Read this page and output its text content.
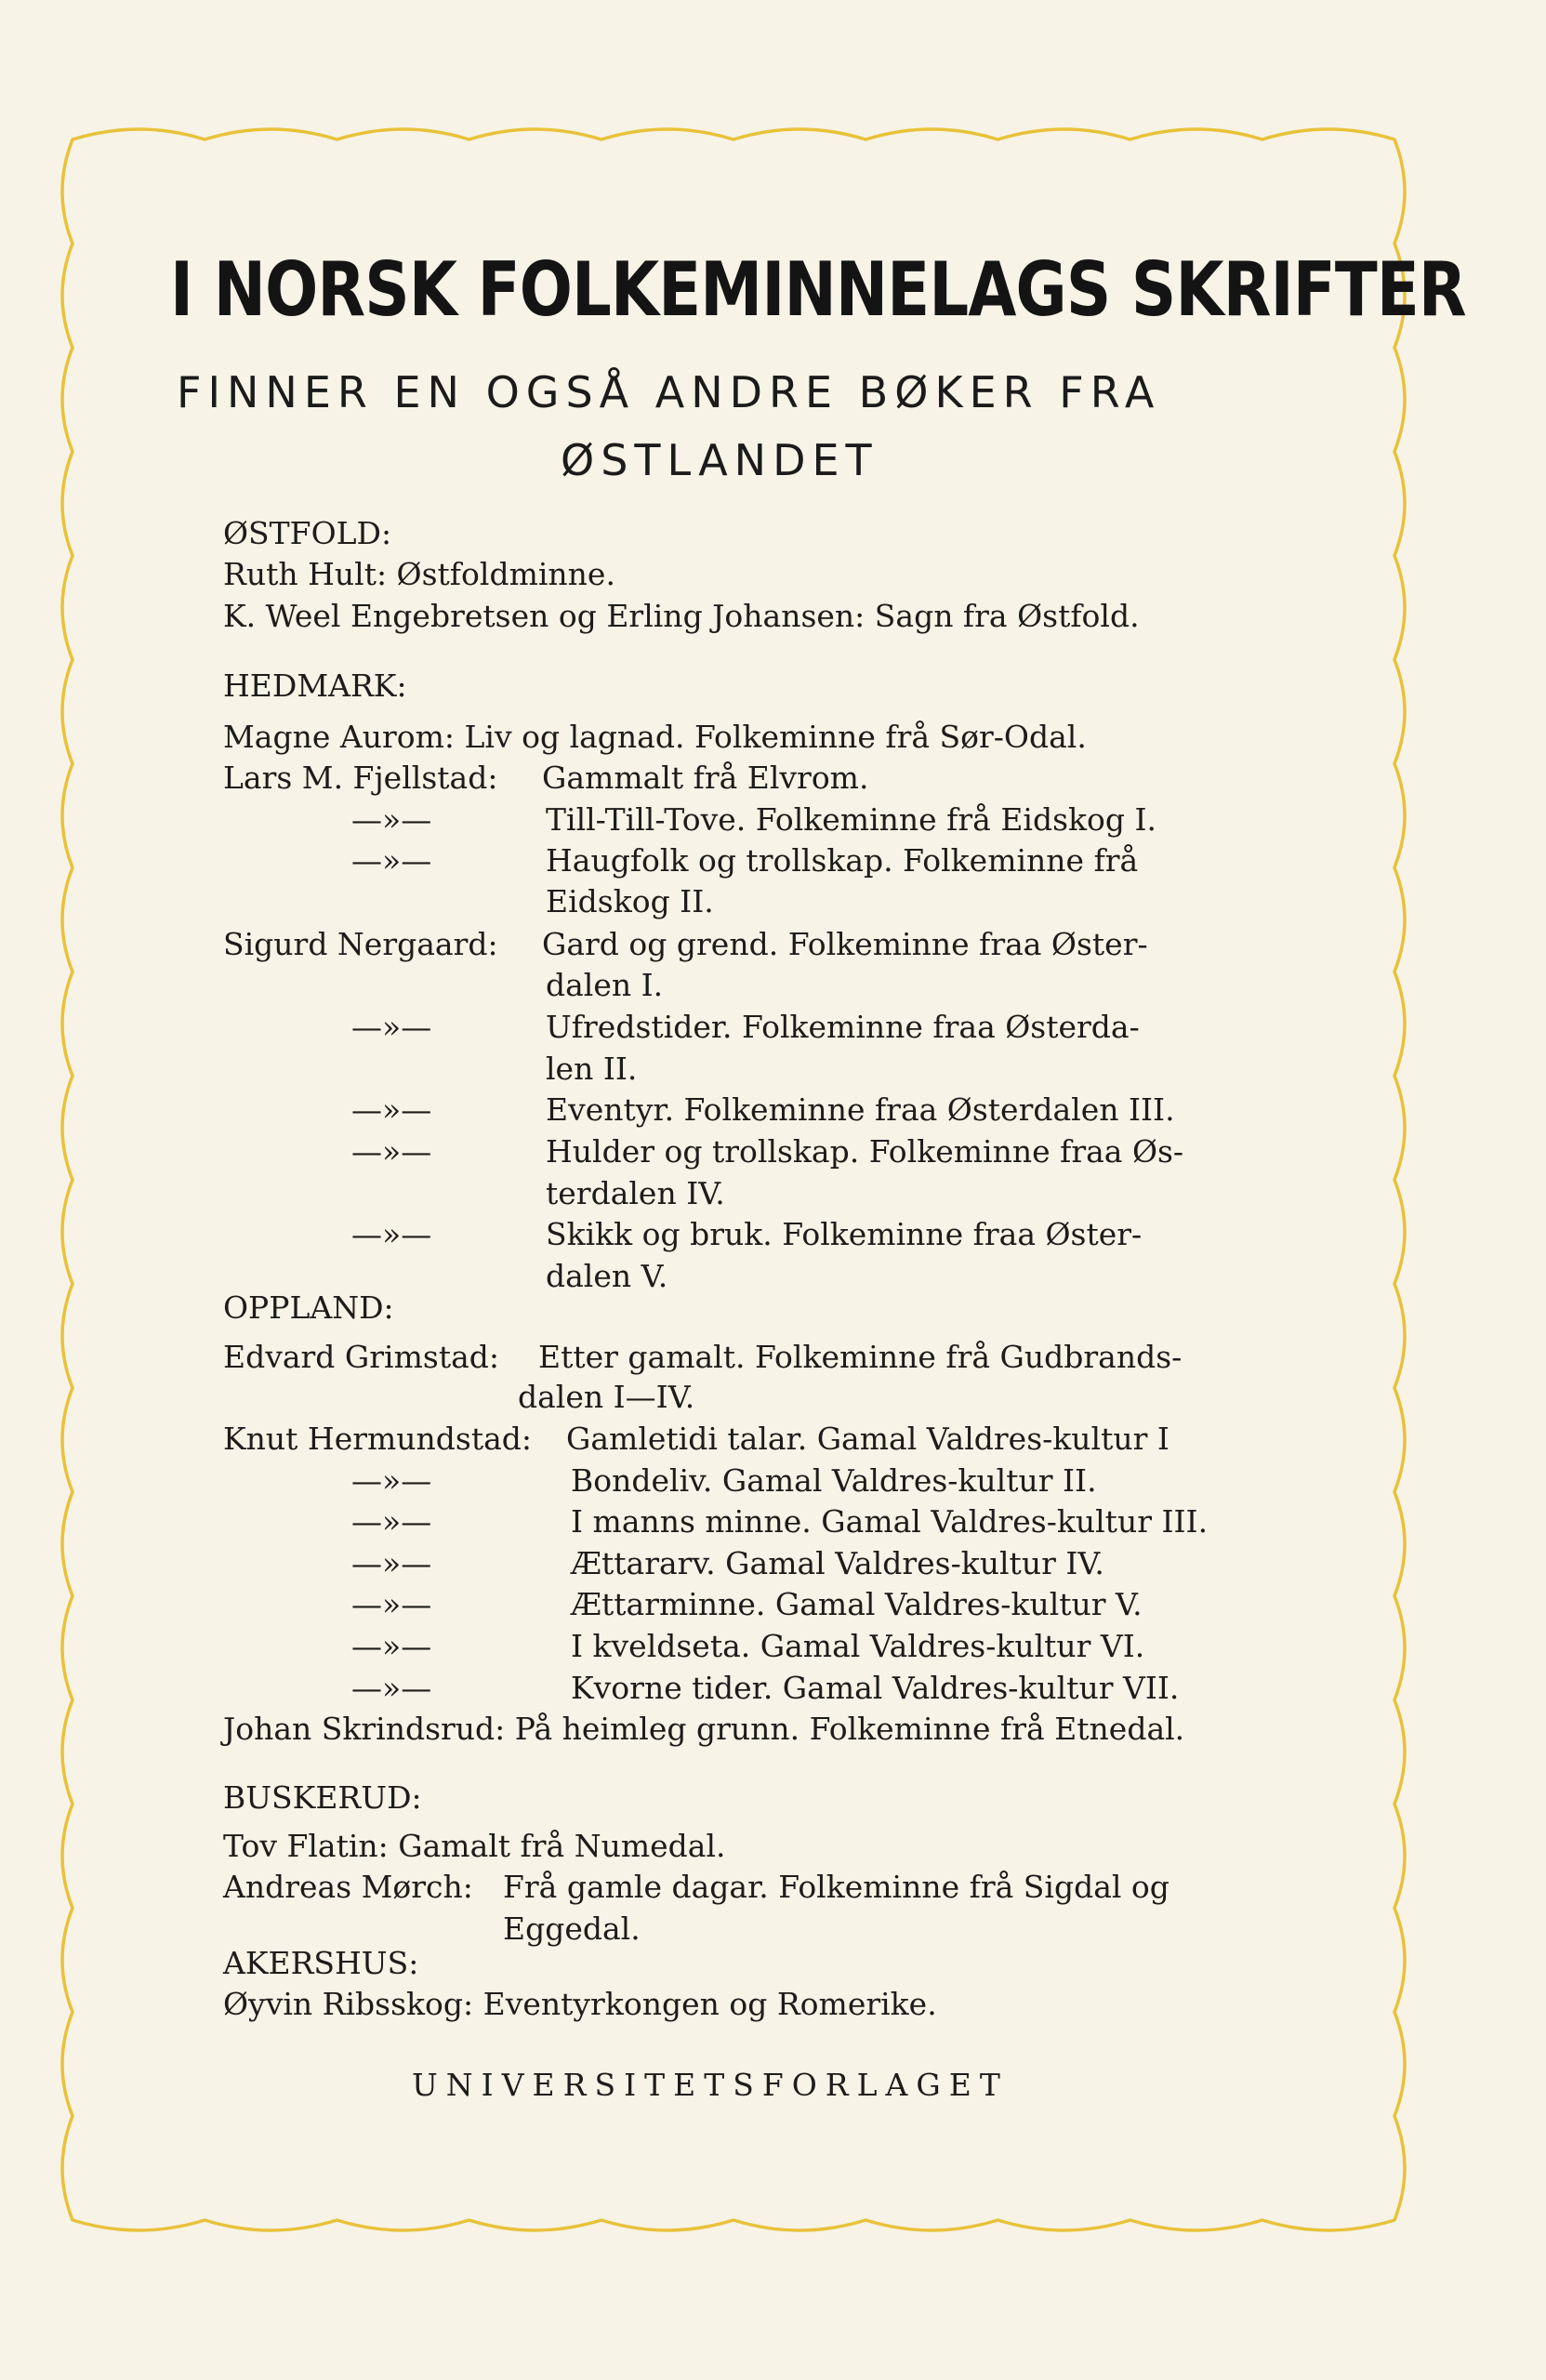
I NORSK FOLKEMINNELAGS SKRIFTER
FINNER EN OGSÅ ANDRE BØKER FRA
ØSTLANDET
ØSTFOLD:
Ruth Hult: Østfoldminne.
K. Weel Engebretsen og Erling Johansen: Sagn fra Østfold.
HEDMARK:
Magne Aurom: Liv og lagnad. Folkeminne frå Sør-Odal.
Lars M. Fjellstad: Gammalt frå Elvrom.
—»—	Till-Till-Tove. Folkeminne frå Eidskog I.
—»—	Haugfolk og trollskap. Folkeminne frå
Eidskog II.
Sigurd Nergaard: Gard og grend. Folkeminne fraa Øster-
dalen I.
—»—	Ufredstider. Folkeminne fraa Østerda-
len II.
—»—	Eventyr. Folkeminne fraa Østerdalen III.
—»—	Hulder og trollskap. Folkeminne fraa Øs-
terdalen IV.
—»—	Skikk og bruk. Folkeminne fraa Øster-
dalen V.
OPPLAND:
Edvard Grimstad: Etter gamalt. Folkeminne frå Gudbrands-
dalen I—IV.
Knut Hermundstad: Gamletidi talar. Gamal Valdres-kultur I
—»—	Bondeliv. Gamal Valdres-kultur II.
—»—	I manns minne. Gamal Valdres-kultur III.
—»—	Ættararv. Gamal Valdres-kultur IV.
—»—	Ættarminne. Gamal Valdres-kultur V.
—»—	I kveldseta. Gamal Valdres-kultur VI.
—»—	Kvorne tider. Gamal Valdres-kultur VII.
Johan Skrindsrud: På heimleg grunn. Folkeminne frå Etnedal.
BUSKERUD:
Tov Flatin: Gamalt frå Numedal.
Andreas Mørch: Frå gamle dagar. Folkeminne frå Sigdal og
Eggedal.
AKERSHUS:
Øyvin Ribsskog: Eventyrkongen og Romerike.
UNIVERSITETSFORLAGET
